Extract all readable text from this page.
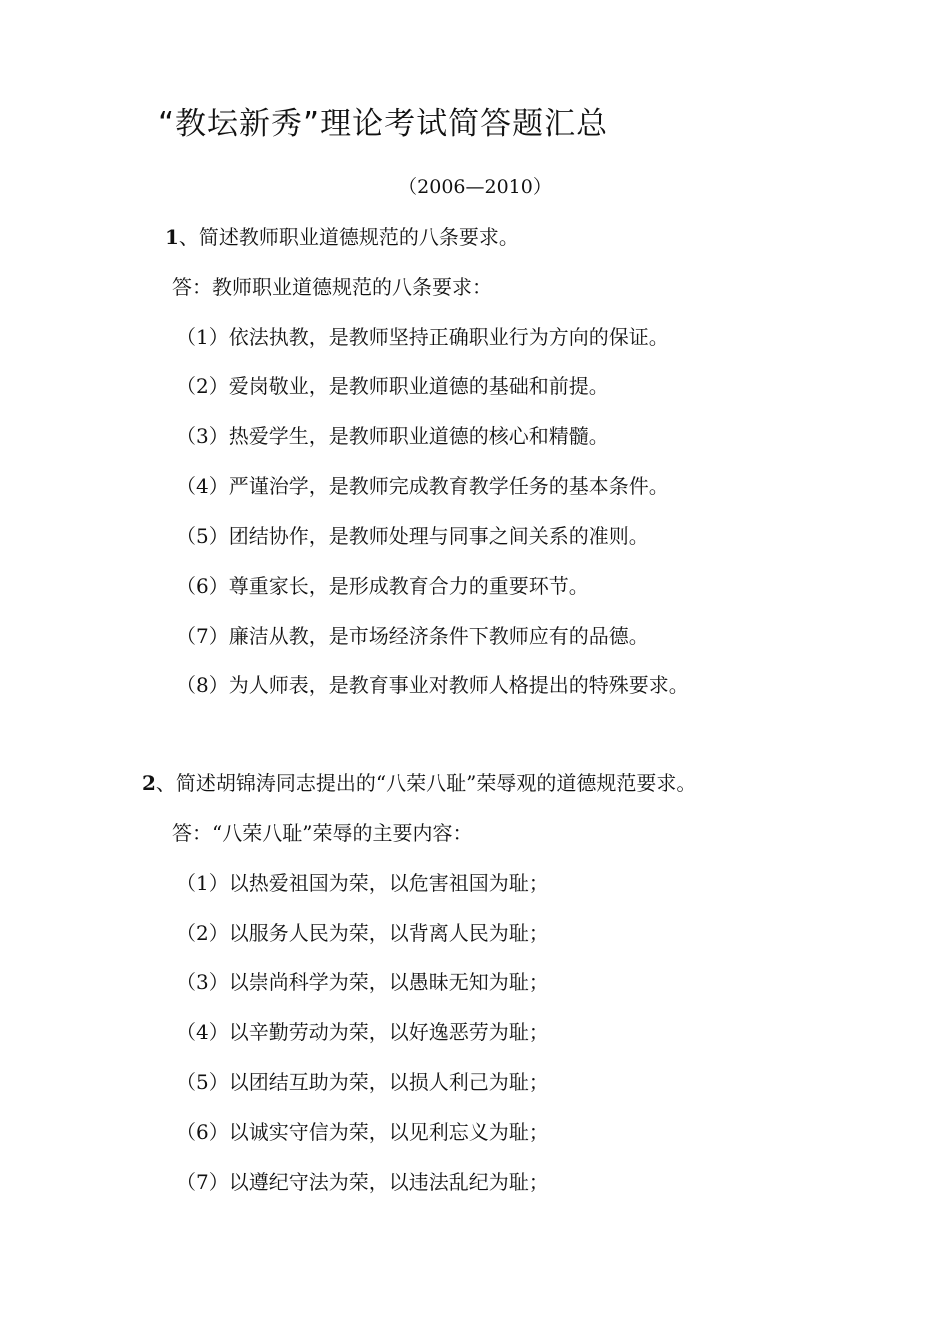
“教坛新秀”理论考试简答题汇总
（2006—2010）
1、简述教师职业道德规范的八条要求。
答：教师职业道德规范的八条要求：
（1）依法执教，是教师坚持正确职业行为方向的保证。
（2）爱岗敬业，是教师职业道德的基础和前提。
（3）热爱学生，是教师职业道德的核心和精髓。
（4）严谨治学，是教师完成教育教学任务的基本条件。
（5）团结协作，是教师处理与同事之间关系的准则。
（6）尊重家长，是形成教育合力的重要环节。
（7）廉洁从教，是市场经济条件下教师应有的品德。
（8）为人师表，是教育事业对教师人格提出的特殊要求。
2、简述胡锦涛同志提出的“八荣八耻”荣辱观的道德规范要求。
答：“八荣八耻”荣辱的主要内容：
（1）以热爱祖国为荣，以危害祖国为耻；
（2）以服务人民为荣，以背离人民为耻；
（3）以崇尚科学为荣，以愚昧无知为耻；
（4）以辛勤劳动为荣，以好逸恶劳为耻；
（5）以团结互助为荣，以损人利己为耻；
（6）以诚实守信为荣，以见利忘义为耻；
（7）以遵纪守法为荣，以违法乱纪为耻；
